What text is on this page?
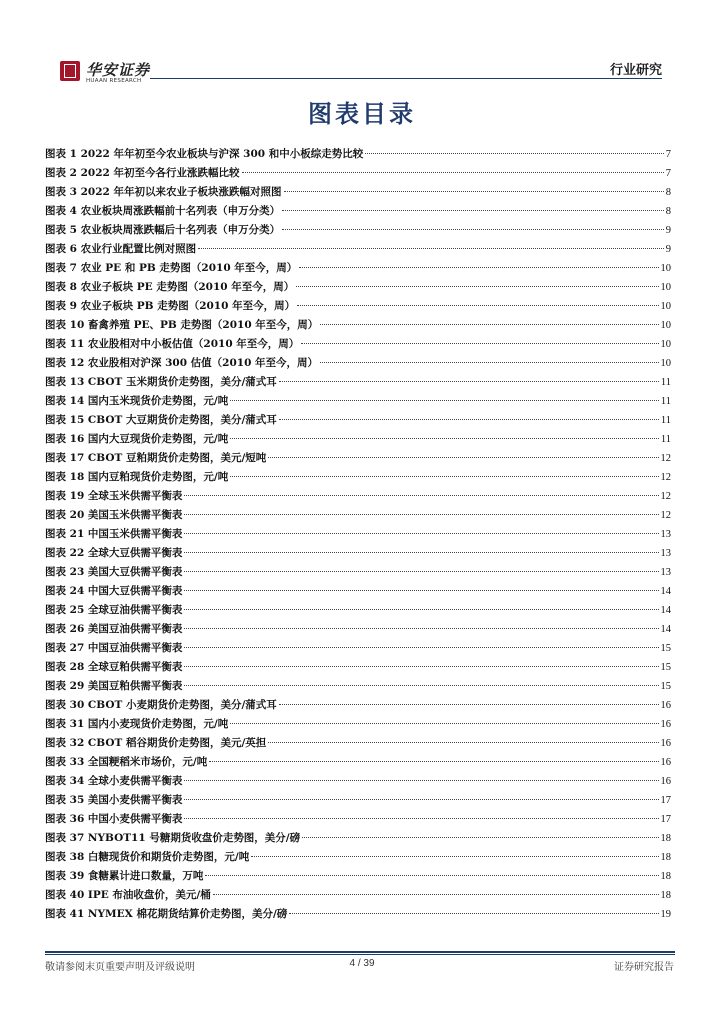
华安证券
HUAAN RESEARCH
行业研究
图表目录
图表 1 2022 年年初至今农业板块与沪深 300 和中小板综走势比较	7
图表 2 2022 年初至今各行业涨跌幅比较	7
图表 3 2022 年年初以来农业子板块涨跌幅对照图	8
图表 4 农业板块周涨跌幅前十名列表（申万分类）	8
图表 5 农业板块周涨跌幅后十名列表（申万分类）	9
图表 6 农业行业配置比例对照图	9
图表 7 农业 PE 和 PB 走势图（2010 年至今，周）	10
图表 8 农业子板块 PE 走势图（2010 年至今，周）	10
图表 9 农业子板块 PB 走势图（2010 年至今，周）	10
图表 10 畜禽养殖 PE、PB 走势图（2010 年至今，周）	10
图表 11 农业股相对中小板估值（2010 年至今，周）	10
图表 12 农业股相对沪深 300 估值（2010 年至今，周）	10
图表 13 CBOT 玉米期货价走势图，美分/蒲式耳	11
图表 14 国内玉米现货价走势图，元/吨	11
图表 15 CBOT 大豆期货价走势图，美分/蒲式耳	11
图表 16 国内大豆现货价走势图，元/吨	11
图表 17 CBOT 豆粕期货价走势图，美元/短吨	12
图表 18 国内豆粕现货价走势图，元/吨	12
图表 19 全球玉米供需平衡表	12
图表 20 美国玉米供需平衡表	12
图表 21 中国玉米供需平衡表	13
图表 22 全球大豆供需平衡表	13
图表 23 美国大豆供需平衡表	13
图表 24 中国大豆供需平衡表	14
图表 25 全球豆油供需平衡表	14
图表 26 美国豆油供需平衡表	14
图表 27 中国豆油供需平衡表	15
图表 28 全球豆粕供需平衡表	15
图表 29 美国豆粕供需平衡表	15
图表 30 CBOT 小麦期货价走势图，美分/蒲式耳	16
图表 31 国内小麦现货价走势图，元/吨	16
图表 32 CBOT 稻谷期货价走势图，美元/英担	16
图表 33 全国粳稻米市场价，元/吨	16
图表 34 全球小麦供需平衡表	16
图表 35 美国小麦供需平衡表	17
图表 36 中国小麦供需平衡表	17
图表 37 NYBOT11 号糖期货收盘价走势图，美分/磅	18
图表 38 白糖现货价和期货价走势图，元/吨	18
图表 39 食糖累计进口数量，万吨	18
图表 40 IPE 布油收盘价，美元/桶	18
图表 41 NYMEX 棉花期货结算价走势图，美分/磅	19
敬请参阅末页重要声明及评级说明	4 / 39	证券研究报告
